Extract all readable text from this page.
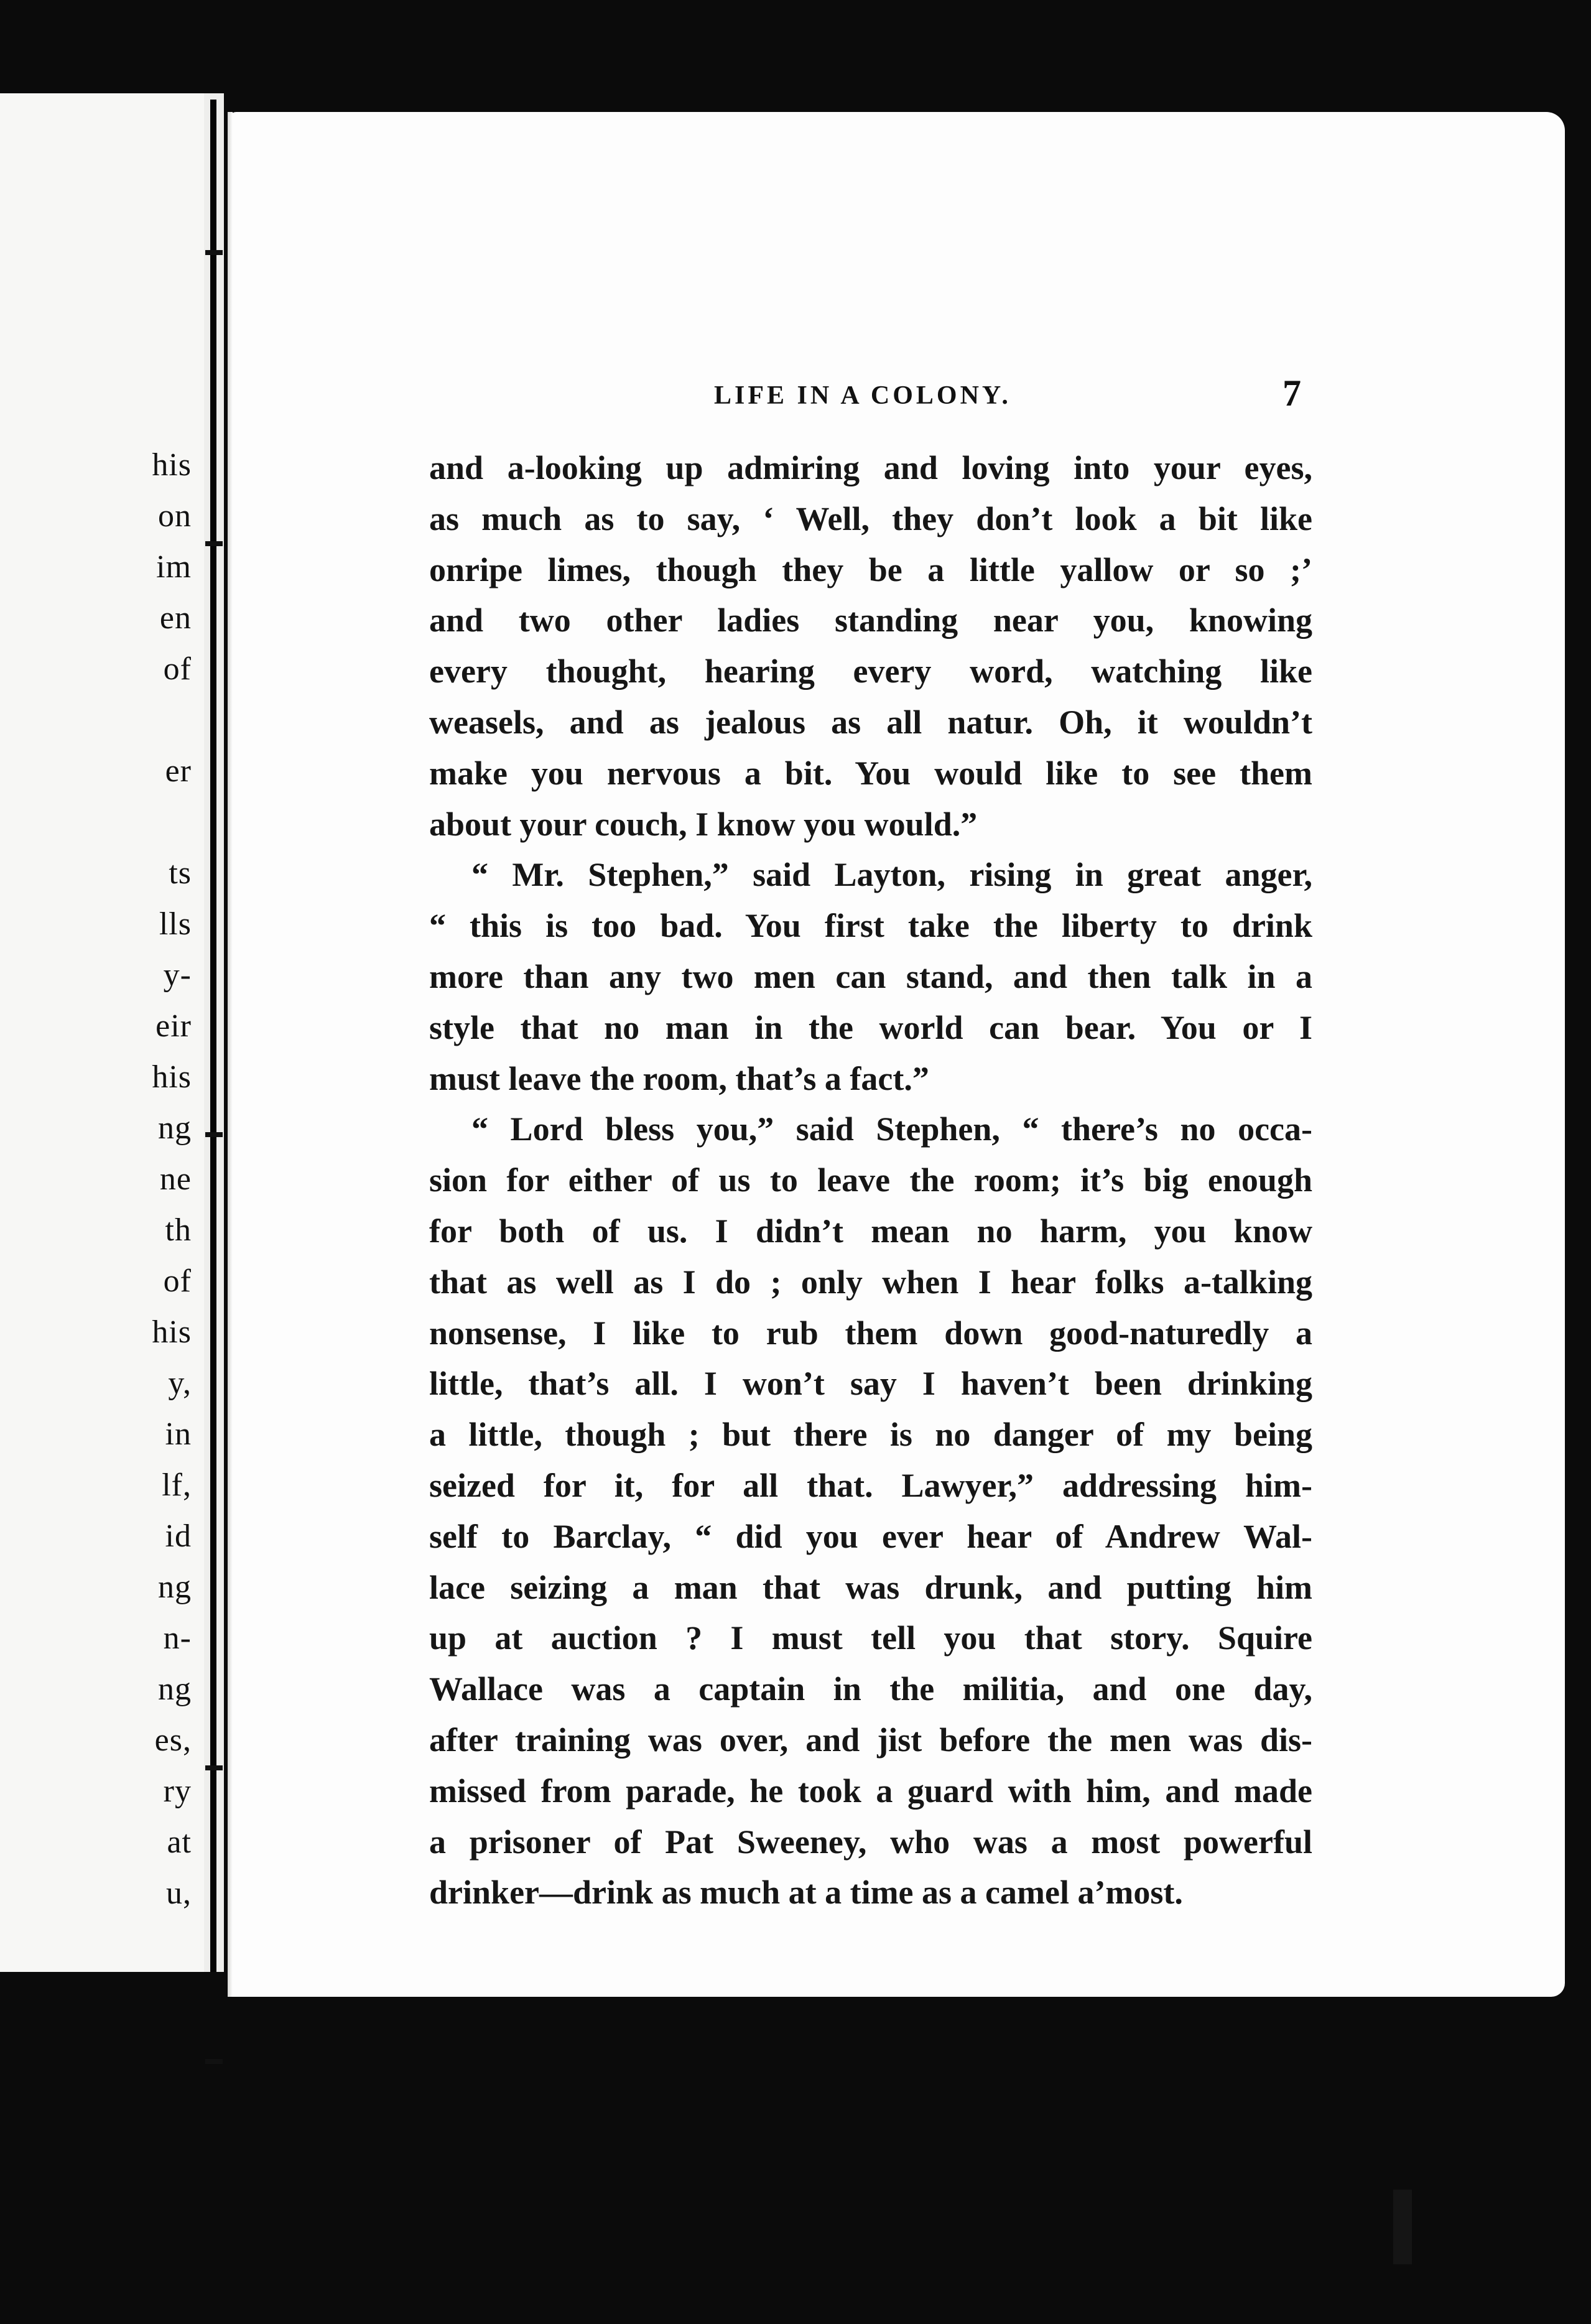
his

on

im

en

of

er

ts

lls

y-

eir

his

ng

ne

th

of

his

y,

in

lf,

id

ng

n-

ng

es,

ry

at

u,

LIFE IN A COLONY.	7

and a-looking up admiring and loving into your eyes,
as much as to say, ‘ Well, they don’t look a bit like
onripe limes, though they be a little yallow or so ;’
and two other ladies standing near you, knowing
every thought, hearing every word, watching like
weasels, and as jealous as all natur. Oh, it wouldn’t
make you nervous a bit. You would like to see them
about your couch, I know you would.”
“ Mr. Stephen,” said Layton, rising in great anger,
“ this is too bad. You first take the liberty to drink
more than any two men can stand, and then talk in a
style that no man in the world can bear. You or I
must leave the room, that’s a fact.”
“ Lord bless you,” said Stephen, “ there’s no occa-
sion for either of us to leave the room; it’s big enough
for both of us. I didn’t mean no harm, you know
that as well as I do ; only when I hear folks a-talking
nonsense, I like to rub them down good-naturedly a
little, that’s all. I won’t say I haven’t been drinking
a little, though ; but there is no danger of my being
seized for it, for all that. Lawyer,” addressing him-
self to Barclay, “ did you ever hear of Andrew Wal-
lace seizing a man that was drunk, and putting him
up at auction ? I must tell you that story. Squire
Wallace was a captain in the militia, and one day,
after training was over, and jist before the men was dis-
missed from parade, he took a guard with him, and made
a prisoner of Pat Sweeney, who was a most powerful
drinker—drink as much at a time as a camel a’most.
